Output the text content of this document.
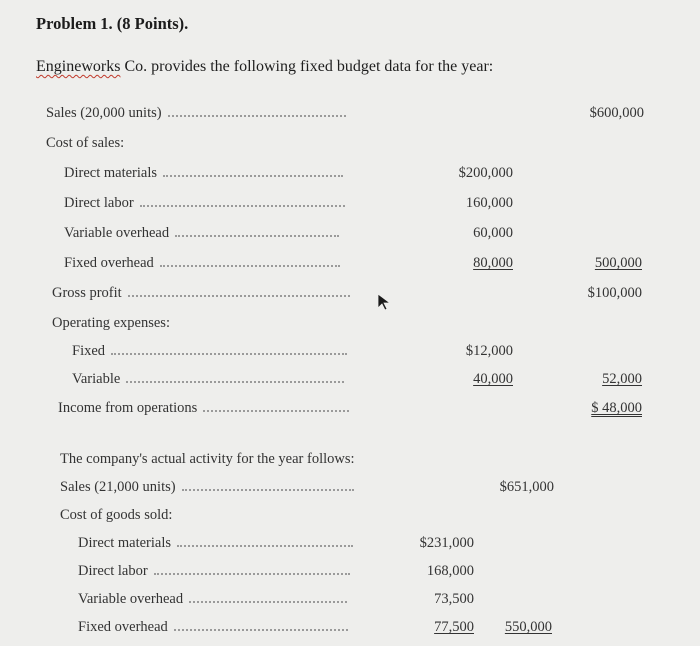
Problem 1. (8 Points).
Engineworks Co. provides the following fixed budget data for the year:
Sales (20,000 units)	$600,000
Cost of sales:
Direct materials	$200,000
Direct labor	160,000
Variable overhead	60,000
Fixed overhead	80,000	500,000
Gross profit	$100,000
Operating expenses:
Fixed	$12,000
Variable	40,000	52,000
Income from operations	$ 48,000
The company's actual activity for the year follows:
Sales (21,000 units)	$651,000
Cost of goods sold:
Direct materials	$231,000
Direct labor	168,000
Variable overhead	73,500
Fixed overhead	77,500 550,000
